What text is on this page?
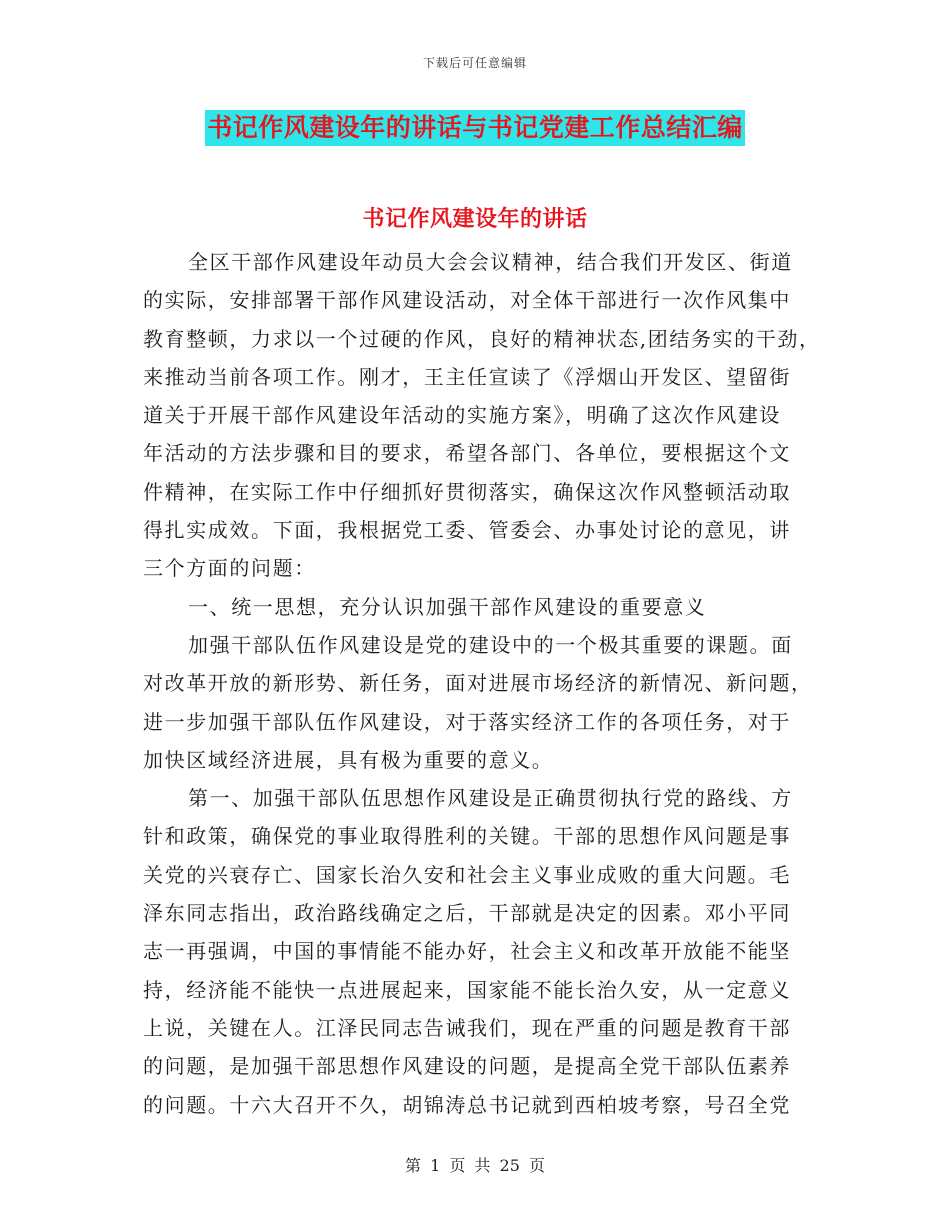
下载后可任意编辑
书记作风建设年的讲话与书记党建工作总结汇编
书记作风建设年的讲话
全区干部作风建设年动员大会会议精神，结合我们开发区、街道
的实际，安排部署干部作风建设活动，对全体干部进行一次作风集中
教育整顿，力求以一个过硬的作风，良好的精神状态,团结务实的干劲，
来推动当前各项工作。刚才，王主任宣读了《浮烟山开发区、望留街
道关于开展干部作风建设年活动的实施方案》，明确了这次作风建设
年活动的方法步骤和目的要求，希望各部门、各单位，要根据这个文
件精神，在实际工作中仔细抓好贯彻落实，确保这次作风整顿活动取
得扎实成效。下面，我根据党工委、管委会、办事处讨论的意见，讲
三个方面的问题：
一、统一思想，充分认识加强干部作风建设的重要意义
加强干部队伍作风建设是党的建设中的一个极其重要的课题。面
对改革开放的新形势、新任务，面对进展市场经济的新情况、新问题，
进一步加强干部队伍作风建设，对于落实经济工作的各项任务，对于
加快区域经济进展，具有极为重要的意义。
第一、加强干部队伍思想作风建设是正确贯彻执行党的路线、方
针和政策，确保党的事业取得胜利的关键。干部的思想作风问题是事
关党的兴衰存亡、国家长治久安和社会主义事业成败的重大问题。毛
泽东同志指出，政治路线确定之后，干部就是决定的因素。邓小平同
志一再强调，中国的事情能不能办好，社会主义和改革开放能不能坚
持，经济能不能快一点进展起来，国家能不能长治久安，从一定意义
上说，关键在人。江泽民同志告诫我们，现在严重的问题是教育干部
的问题，是加强干部思想作风建设的问题，是提高全党干部队伍素养
的问题。十六大召开不久，胡锦涛总书记就到西柏坡考察，号召全党
第 1 页 共 25 页
